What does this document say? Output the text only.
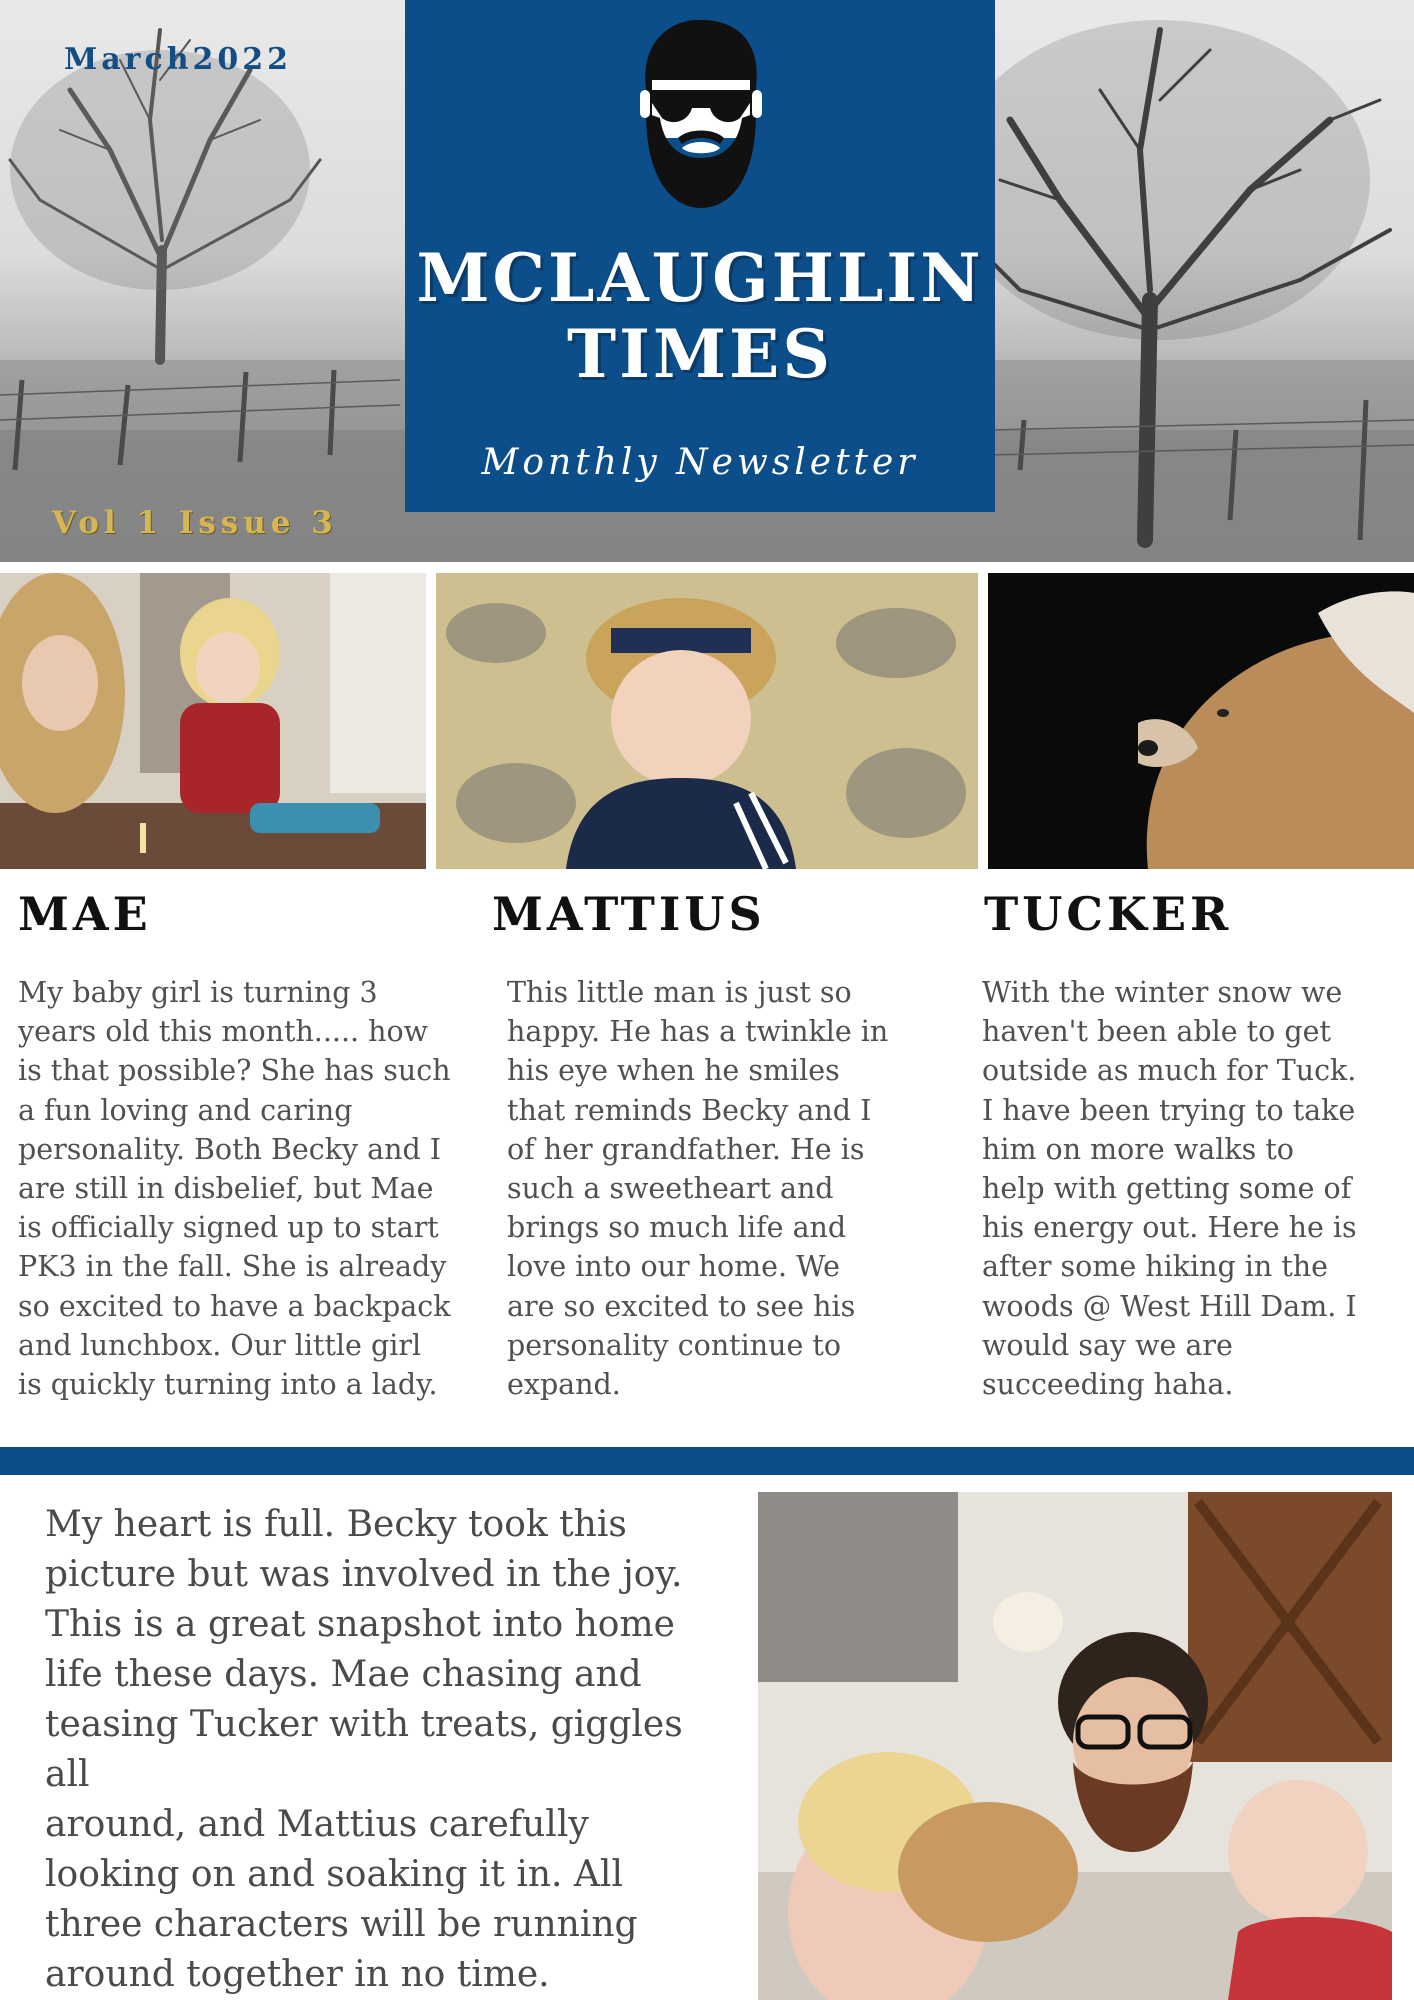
March2022
Vol 1 Issue 3
MCLAUGHLIN
TIMES
Monthly Newsletter
MAE
My baby girl is turning 3
years old this month..... how
is that possible? She has such
a fun loving and caring
personality. Both Becky and I
are still in disbelief, but Mae
is officially signed up to start
PK3 in the fall. She is already
so excited to have a backpack
and lunchbox. Our little girl
is quickly turning into a lady.
MATTIUS
This little man is just so
happy. He has a twinkle in
his eye when he smiles
that reminds Becky and I
of her grandfather. He is
such a sweetheart and
brings so much life and
love into our home. We
are so excited to see his
personality continue to
expand.
TUCKER
With the winter snow we
haven't been able to get
outside as much for Tuck.
I have been trying to take
him on more walks to
help with getting some of
his energy out. Here he is
after some hiking in the
woods @ West Hill Dam. I
would say we are
succeeding haha.
My heart is full. Becky took this
picture but was involved in the joy.
This is a great snapshot into home
life these days. Mae chasing and
teasing Tucker with treats, giggles all
around, and Mattius carefully
looking on and soaking it in. All
three characters will be running
around together in no time.
